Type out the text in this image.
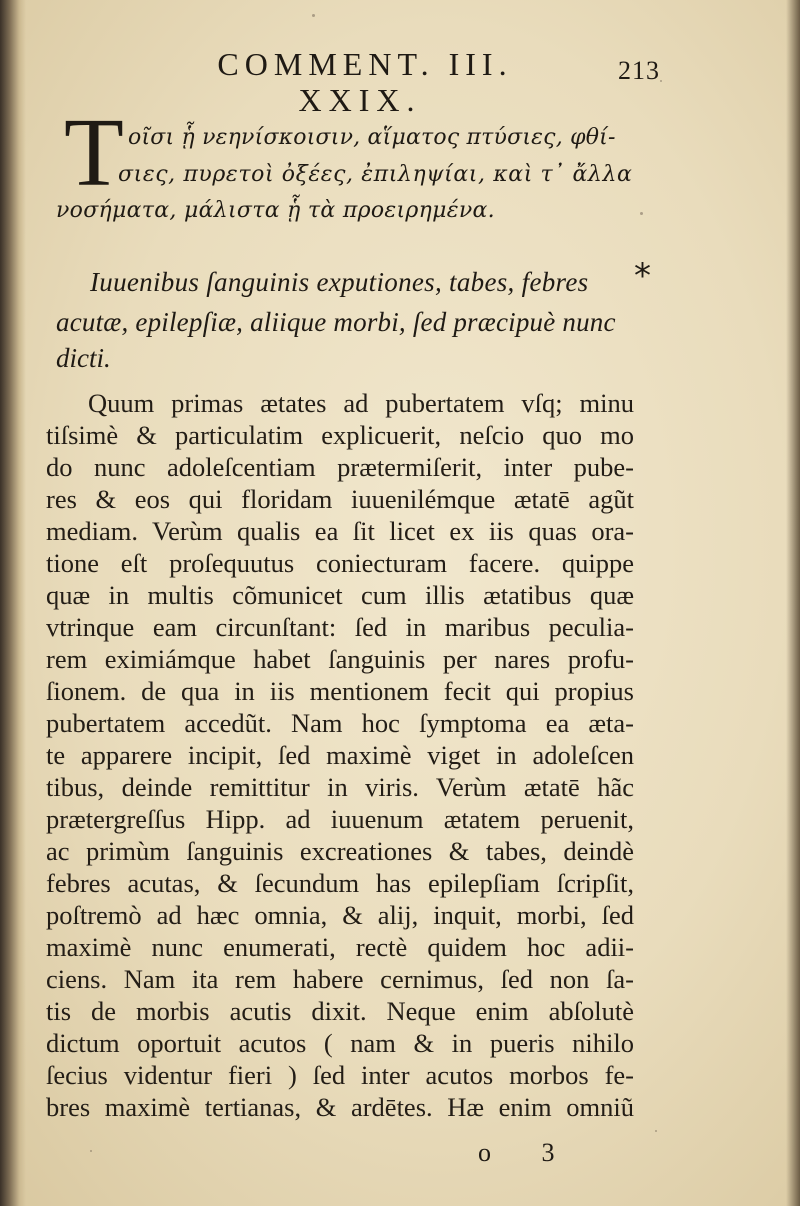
COMMENT. III.	213
XXIX.
T οῖσι ᾗ νεηνίσκοισιν, αἵματος πτύσιες, φθί-
σιες, πυρετοὶ ὀξέες, ἐπιληψίαι, καὶ τ᾿ ἄλλα
νοσήματα, μάλιστα ᾗ τὰ προειρημένα.
Iuuenibus ſanguinis exputiones, tabes, febres *
acutæ, epilepſiæ, aliique morbi, ſed præcipuè nunc
dicti.
Quum primas ætates ad pubertatem vſq; minu
tiſsimè & particulatim explicuerit, neſcio quo mo
do nunc adoleſcentiam prætermiſerit, inter pube-
res & eos qui floridam iuuenilémque ætatē agũt
mediam. Verùm qualis ea ſit licet ex iis quas ora-
tione eſt proſequutus coniecturam facere. quippe
quæ in multis cõmunicet cum illis ætatibus quæ
vtrinque eam circunſtant: ſed in maribus peculia-
rem eximiámque habet ſanguinis per nares profu-
ſionem. de qua in iis mentionem fecit qui propius
pubertatem accedũt. Nam hoc ſymptoma ea æta-
te apparere incipit, ſed maximè viget in adoleſcen
tibus, deinde remittitur in viris. Verùm ætatē hãc
prætergreſſus Hipp. ad iuuenum ætatem peruenit,
ac primùm ſanguinis excreationes & tabes, deindè
febres acutas, & ſecundum has epilepſiam ſcripſit,
poſtremò ad hæc omnia, & alij, inquit, morbi, ſed
maximè nunc enumerati, rectè quidem hoc adii-
ciens. Nam ita rem habere cernimus, ſed non ſa-
tis de morbis acutis dixit. Neque enim abſolutè
dictum oportuit acutos ( nam & in pueris nihilo
ſecius videntur fieri ) ſed inter acutos morbos fe-
bres maximè tertianas, & ardētes. Hæ enim omniũ
o 3
